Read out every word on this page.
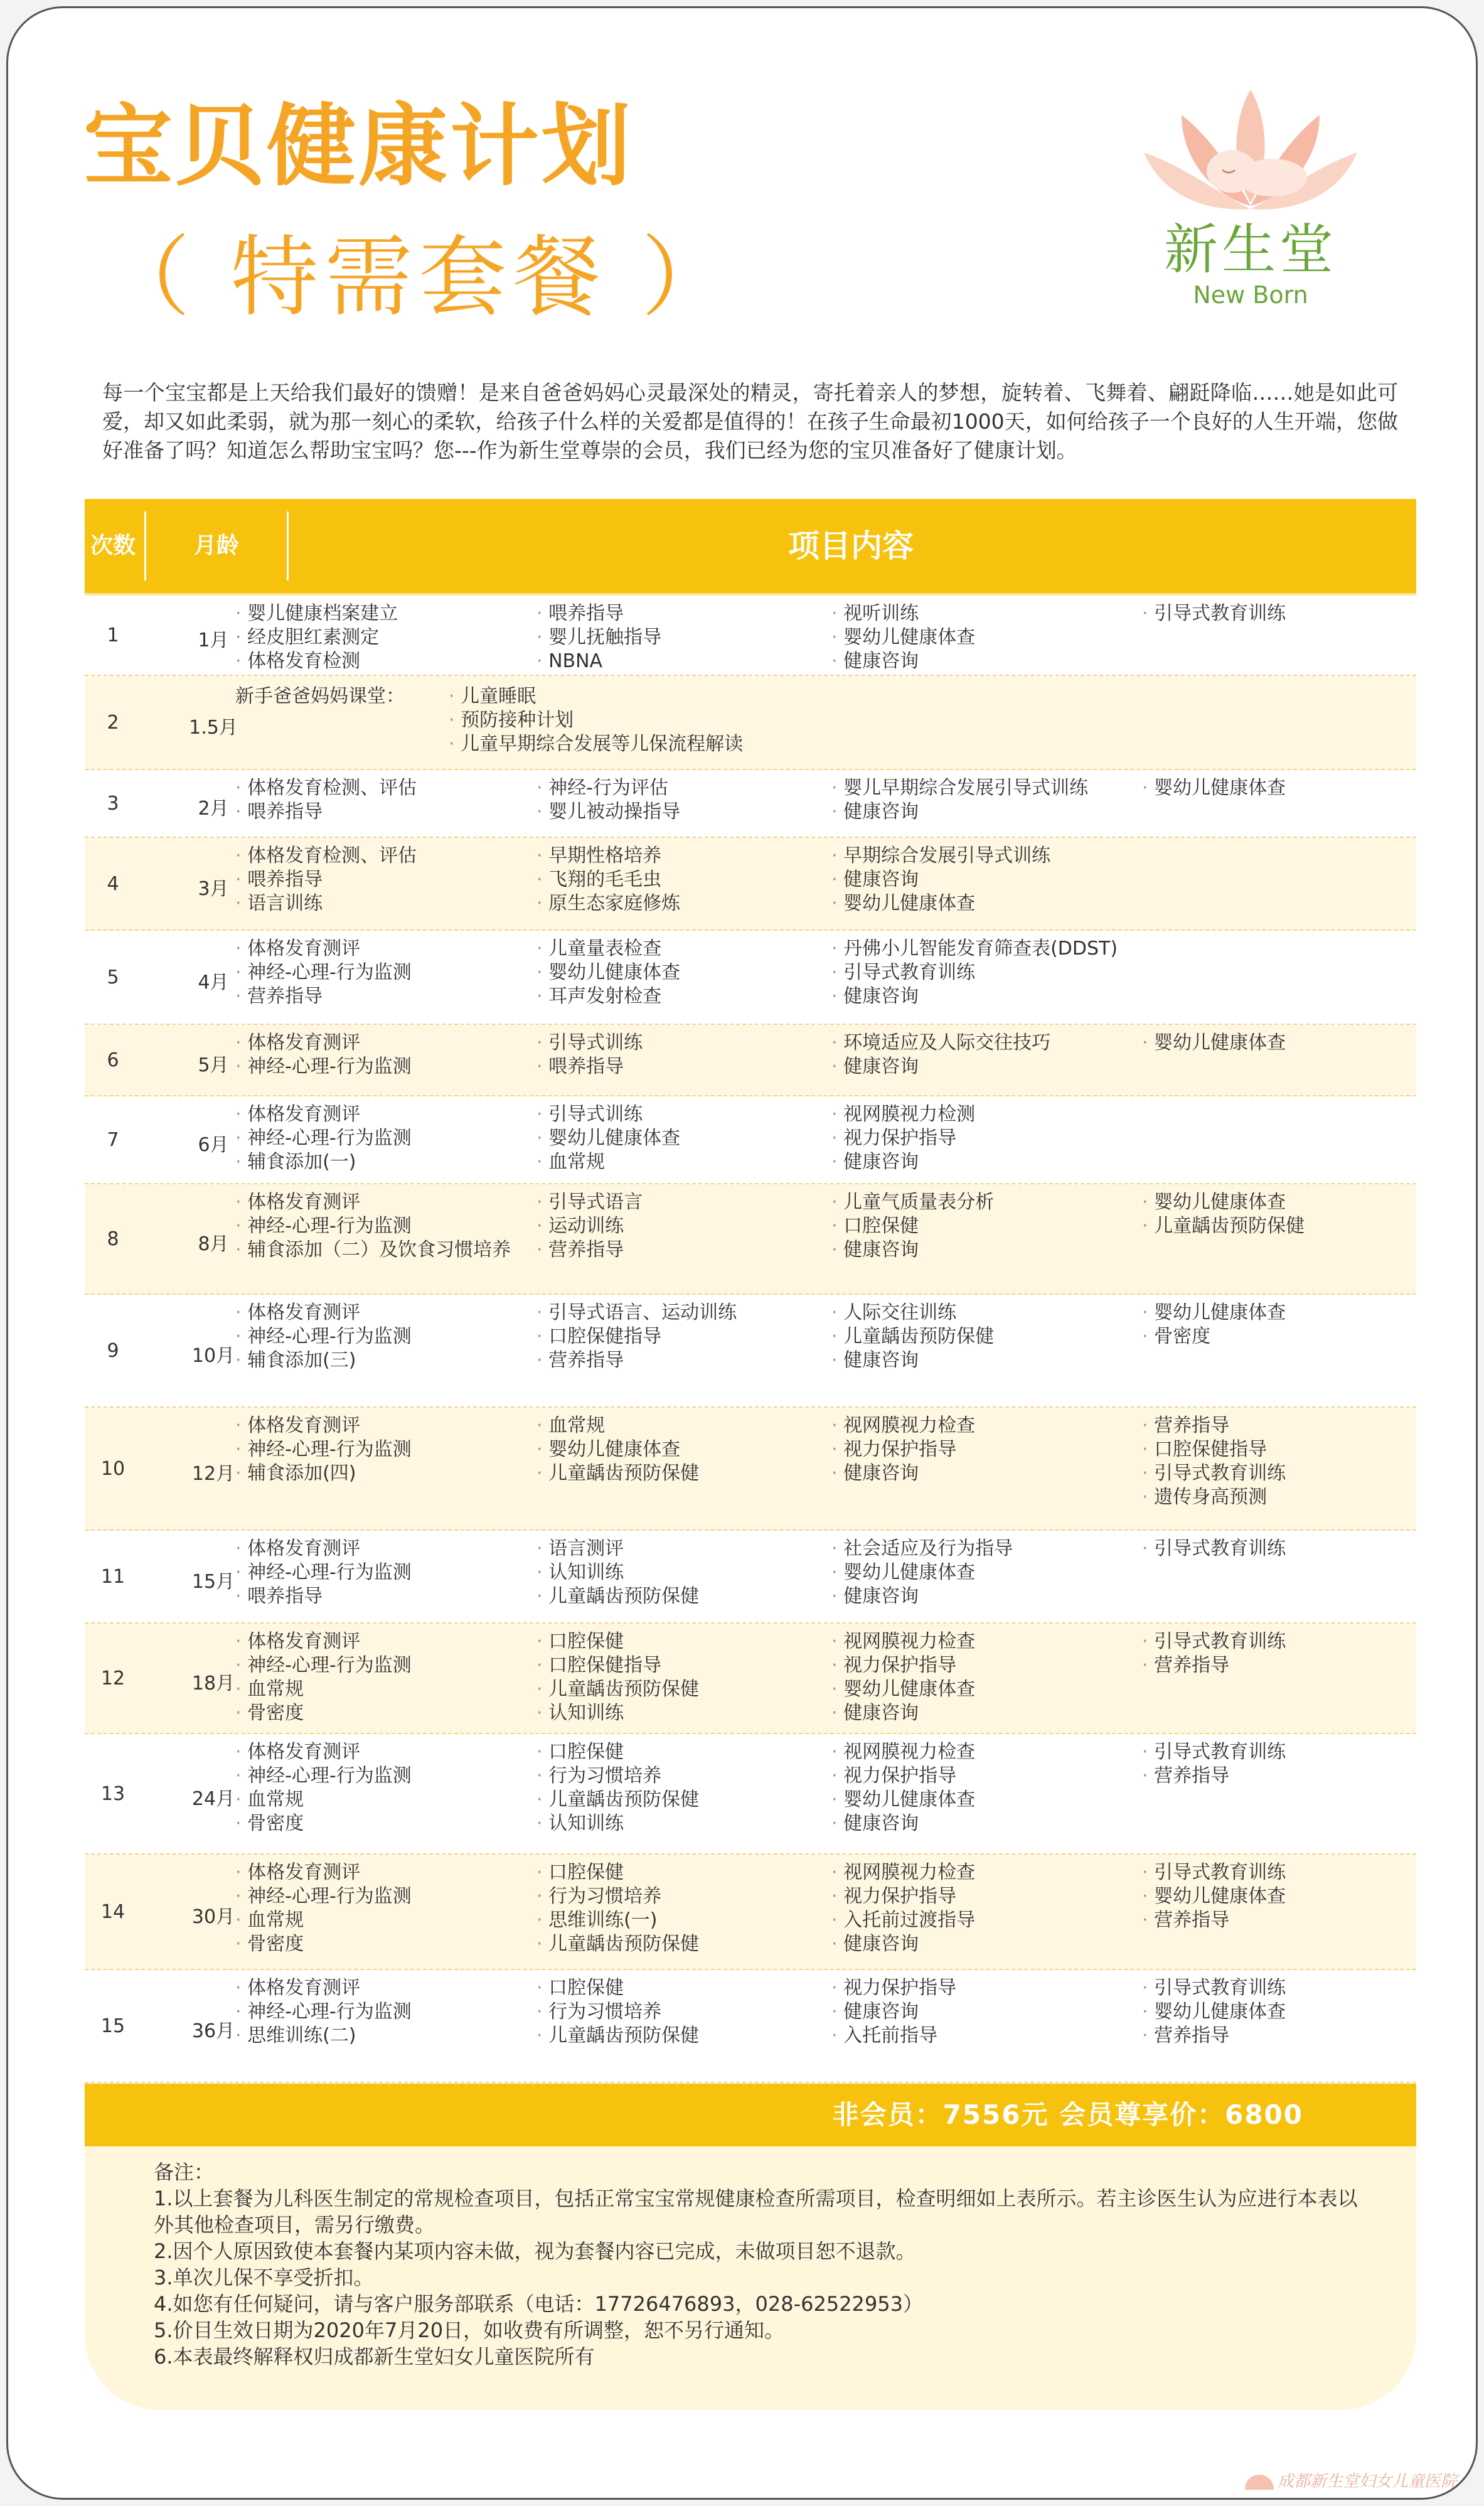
宝贝健康计划
（ 特需套餐 ）	新生堂
New Born
每一个宝宝都是上天给我们最好的馈赠！是来自爸爸妈妈心灵最深处的精灵，寄托着亲人的梦想，旋转着、飞舞着、翩跹降临……她是如此可爱，却又如此柔弱，就为那一刻心的柔软，给孩子什么样的关爱都是值得的！在孩子生命最初1000天，如何给孩子一个良好的人生开端，您做好准备了吗？知道怎么帮助宝宝吗？您---作为新生堂尊崇的会员，我们已经为您的宝贝准备好了健康计划。
次数	月龄	项目内容
1	1月
· 婴儿健康档案建立
· 经皮胆红素测定
· 体格发育检测
· 喂养指导
· 婴儿抚触指导
· NBNA
· 视听训练
· 婴幼儿健康体查
· 健康咨询
· 引导式教育训练
2	1.5月
新手爸爸妈妈课堂：
·	儿童睡眠
· 预防接种计划
· 儿童早期综合发展等儿保流程解读
3	2月
· 体格发育检测、评估
· 喂养指导
· 神经-行为评估
· 婴儿被动操指导
· 婴儿早期综合发展引导式训练
· 健康咨询
· 婴幼儿健康体查
4	3月
· 体格发育检测、评估
· 喂养指导
· 语言训练
· 早期性格培养
· 飞翔的毛毛虫
· 原生态家庭修炼
· 早期综合发展引导式训练
· 健康咨询
· 婴幼儿健康体查
5	4月
· 体格发育测评
· 神经-心理-行为监测
· 营养指导
· 儿童量表检查
· 婴幼儿健康体查
· 耳声发射检查
· 丹佛小儿智能发育筛查表(DDST)
· 引导式教育训练
· 健康咨询
6	5月
· 体格发育测评
· 神经-心理-行为监测
· 引导式训练
· 喂养指导
· 环境适应及人际交往技巧
· 健康咨询
· 婴幼儿健康体查
7	6月
· 体格发育测评
· 神经-心理-行为监测
· 辅食添加(一)
· 引导式训练
· 婴幼儿健康体查
· 血常规
· 视网膜视力检测
· 视力保护指导
· 健康咨询
8	8月
· 体格发育测评
· 神经-心理-行为监测
· 辅食添加（二）及饮食习惯培养
· 引导式语言
· 运动训练
· 营养指导
· 儿童气质量表分析
· 口腔保健
· 健康咨询
· 婴幼儿健康体查
· 儿童龋齿预防保健
9	10月
· 体格发育测评
· 神经-心理-行为监测
· 辅食添加(三)
· 引导式语言、运动训练
· 口腔保健指导
· 营养指导
· 人际交往训练
· 儿童龋齿预防保健
· 健康咨询
· 婴幼儿健康体查
· 骨密度
10	12月
· 体格发育测评
· 神经-心理-行为监测
· 辅食添加(四)
· 血常规
· 婴幼儿健康体查
· 儿童龋齿预防保健
· 视网膜视力检查
· 视力保护指导
· 健康咨询
· 营养指导
· 口腔保健指导
· 引导式教育训练
· 遗传身高预测
11	15月
· 体格发育测评
· 神经-心理-行为监测
· 喂养指导
· 语言测评
· 认知训练
· 儿童龋齿预防保健
· 社会适应及行为指导
· 婴幼儿健康体查
· 健康咨询
· 引导式教育训练
12	18月
· 体格发育测评
· 神经-心理-行为监测
· 血常规
· 骨密度
· 口腔保健
· 口腔保健指导
· 儿童龋齿预防保健
· 认知训练
· 视网膜视力检查
· 视力保护指导
· 婴幼儿健康体查
· 健康咨询
· 引导式教育训练
· 营养指导
13	24月
· 体格发育测评
· 神经-心理-行为监测
· 血常规
· 骨密度
· 口腔保健
· 行为习惯培养
· 儿童龋齿预防保健
· 认知训练
· 视网膜视力检查
· 视力保护指导
· 婴幼儿健康体查
· 健康咨询
· 引导式教育训练
· 营养指导
14	30月
· 体格发育测评
· 神经-心理-行为监测
· 血常规
· 骨密度
· 口腔保健
· 行为习惯培养
· 思维训练(一)
· 儿童龋齿预防保健
· 视网膜视力检查
· 视力保护指导
· 入托前过渡指导
· 健康咨询
· 引导式教育训练
· 婴幼儿健康体查
· 营养指导
15	36月
· 体格发育测评
· 神经-心理-行为监测
· 思维训练(二)
· 口腔保健
· 行为习惯培养
· 儿童龋齿预防保健
· 视力保护指导
· 健康咨询
· 入托前指导
· 引导式教育训练
· 婴幼儿健康体查
· 营养指导
非会员：7556元 会员尊享价：6800
备注：
1.以上套餐为儿科医生制定的常规检查项目，包括正常宝宝常规健康检查所需项目，检查明细如上表所示。若主诊医生认为应进行本表以外其他检查项目，需另行缴费。
2.因个人原因致使本套餐内某项内容未做，视为套餐内容已完成，未做项目恕不退款。
3.单次儿保不享受折扣。
4.如您有任何疑问，请与客户服务部联系（电话：17726476893，028-62522953）
5.价目生效日期为2020年7月20日，如收费有所调整，恕不另行通知。
6.本表最终解释权归成都新生堂妇女儿童医院所有
成都新生堂妇女儿童医院
